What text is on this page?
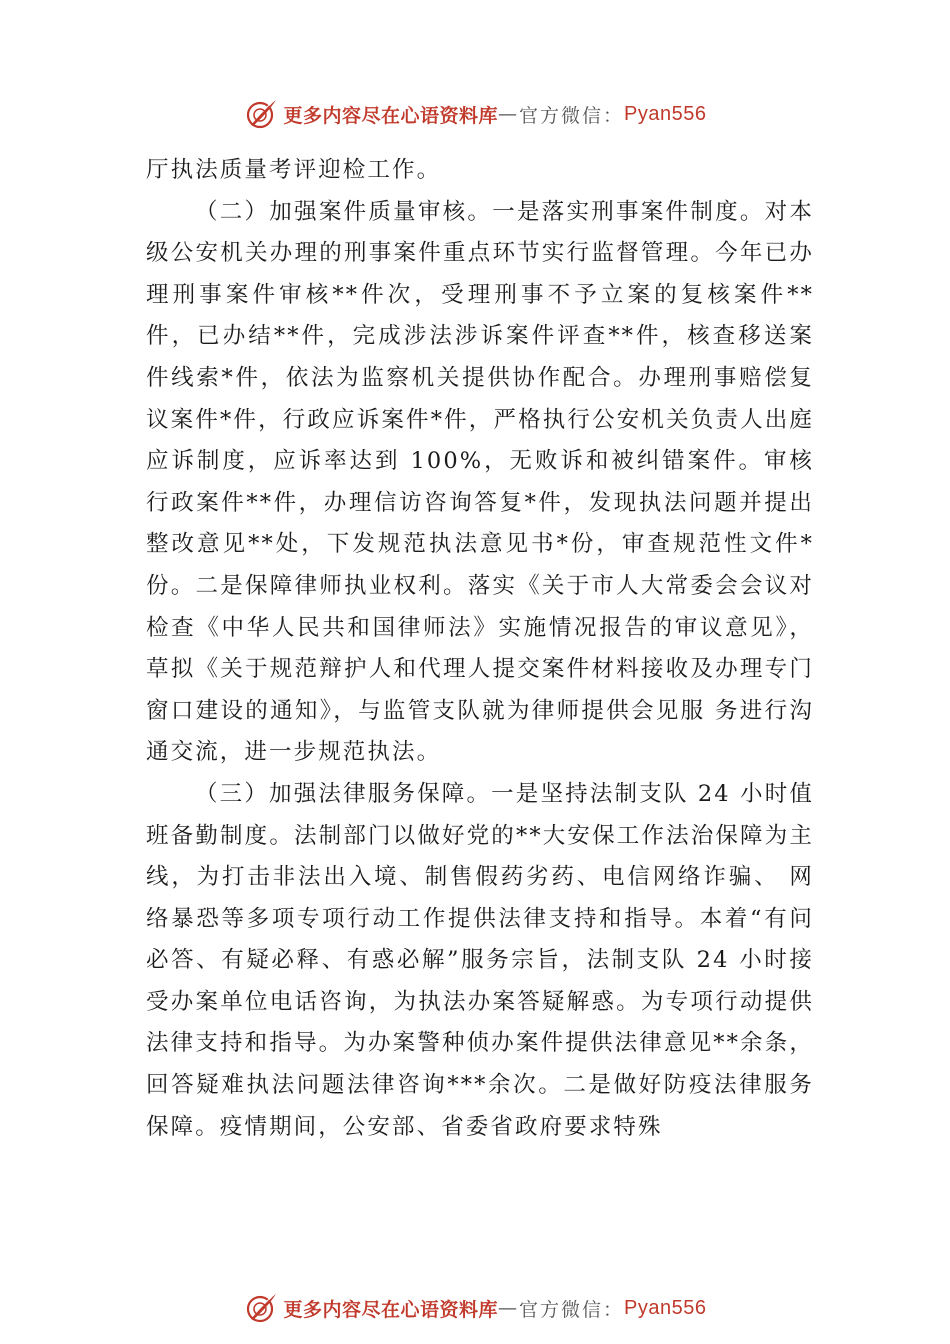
更多内容尽在心语资料库 — 官方微信： Pyan556

厅执法质量考评迎检工作。

（二）加强案件质量审核。一是落实刑事案件制度。对本级公安机关办理的刑事案件重点环节实行监督管理。今年已办理刑事案件审核**件次，受理刑事不予立案的复核案件**件，已办结**件，完成涉法涉诉案件评查**件，核查移送案件线索*件，依法为监察机关提供协作配合。办理刑事赔偿复议案件*件，行政应诉案件*件，严格执行公安机关负责人出庭应诉制度，应诉率达到 100%，无败诉和被纠错案件。审核行政案件**件，办理信访咨询答复*件，发现执法问题并提出整改意见**处，下发规范执法意见书*份，审查规范性文件*份。二是保障律师执业权利。落实《关于市人大常委会会议对检查《中华人民共和国律师法》实施情况报告的审议意见》，草拟《关于规范辩护人和代理人提交案件材料接收及办理专门窗口建设的通知》，与监管支队就为律师提供会见服 务进行沟通交流，进一步规范执法。

（三）加强法律服务保障。一是坚持法制支队 24 小时值班备勤制度。法制部门以做好党的**大安保工作法治保障为主线，为打击非法出入境、制售假药劣药、电信网络诈骗、 网络暴恐等多项专项行动工作提供法律支持和指导。本着“有问必答、有疑必释、有惑必解”服务宗旨，法制支队 24 小时接受办案单位电话咨询，为执法办案答疑解惑。为专项行动提供法律支持和指导。为办案警种侦办案件提供法律意见**余条，回答疑难执法问题法律咨询***余次。二是做好防疫法律服务保障。疫情期间，公安部、省委省政府要求特殊

更多内容尽在心语资料库 — 官方微信： Pyan556
